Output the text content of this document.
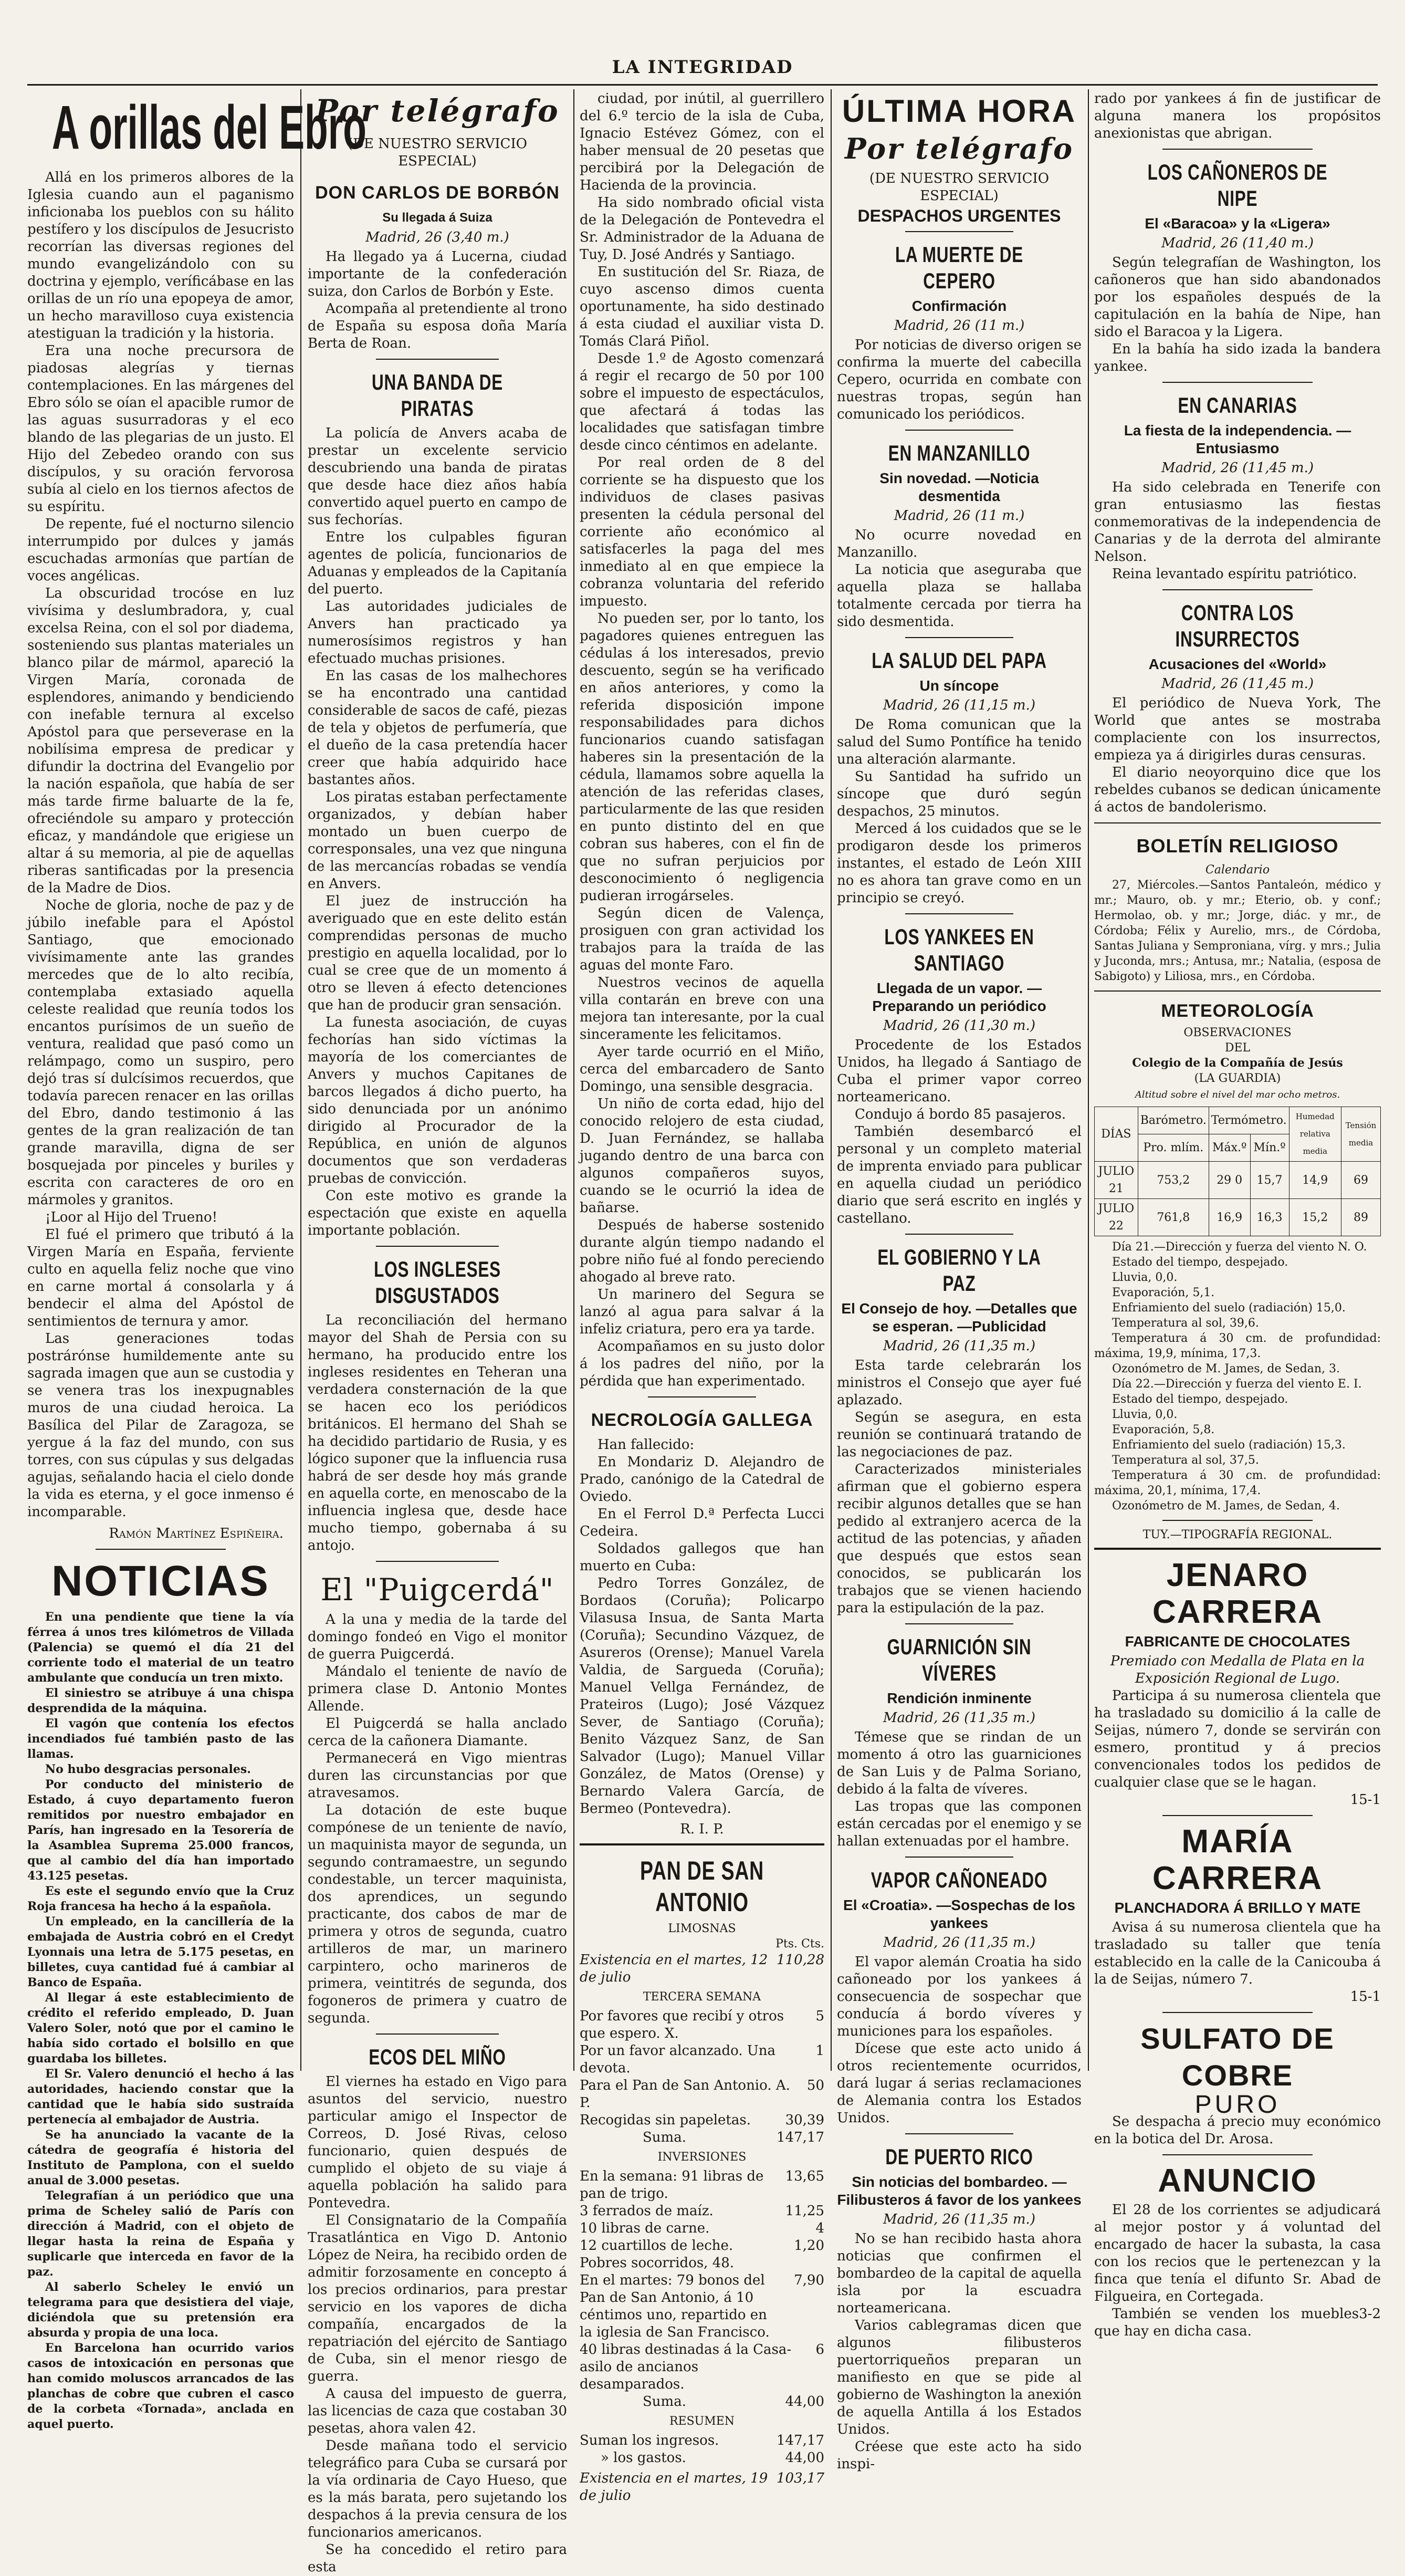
LA INTEGRIDAD
A orillas del Ebro

Allá en los primeros albores de la Iglesia cuando aun el paganismo inficionaba los pueblos con su hálito pestífero y los discípulos de Jesucristo recorrían las diversas regiones del mundo evangelizándolo con su doctrina y ejemplo, veríficábase en las orillas de un río una epopeya de amor, un hecho maravilloso cuya existencia atestiguan la tradición y la historia.

Era una noche precursora de piadosas alegrías y tiernas contemplaciones. En las márgenes del Ebro sólo se oían el apacible rumor de las aguas susurradoras y el eco blando de las plegarias de un justo. El Hijo del Zebedeo orando con sus discípulos, y su oración fervorosa subía al cielo en los tiernos afectos de su espíritu.

De repente, fué el nocturno silencio interrumpido por dulces y jamás escuchadas armonías que partían de voces angélicas.

La obscuridad trocóse en luz vivísima y deslumbradora, y, cual excelsa Reina, con el sol por diadema, sosteniendo sus plantas materiales un blanco pilar de mármol, apareció la Virgen María, coronada de esplendores, animando y bendiciendo con inefable ternura al excelso Apóstol para que perseverase en la nobilísima empresa de predicar y difundir la doctrina del Evangelio por la nación española, que había de ser más tarde firme baluarte de la fe, ofreciéndole su amparo y protección eficaz, y mandándole que erigiese un altar á su memoria, al pie de aquellas riberas santificadas por la presencia de la Madre de Dios.

Noche de gloria, noche de paz y de júbilo inefable para el Apóstol Santiago, que emocionado vivísimamente ante las grandes mercedes que de lo alto recibía, contemplaba extasiado aquella celeste realidad que reunía todos los encantos purísimos de un sueño de ventura, realidad que pasó como un relámpago, como un suspiro, pero dejó tras sí dulcísimos recuerdos, que todavía parecen renacer en las orillas del Ebro, dando testimonio á las gentes de la gran realización de tan grande maravilla, digna de ser bosquejada por pinceles y buriles y escrita con caracteres de oro en mármoles y granitos.

¡Loor al Hijo del Trueno!

El fué el primero que tributó á la Virgen María en España, ferviente culto en aquella feliz noche que vino en carne mortal á consolarla y á bendecir el alma del Apóstol de sentimientos de ternura y amor.

Las generaciones todas postrárónse humildemente ante su sagrada imagen que aun se custodia y se venera tras los inexpugnables muros de una ciudad heroica. La Basílica del Pilar de Zaragoza, se yergue á la faz del mundo, con sus torres, con sus cúpulas y sus delgadas agujas, señalando hacia el cielo donde la vida es eterna, y el goce inmenso é incomparable.

Ramón Martínez Espiñeira.
NOTICIAS

En una pendiente que tiene la vía férrea á unos tres kilómetros de Villada (Palencia) se quemó el día 21 del corriente todo el material de un teatro ambulante que conducía un tren mixto.

El siniestro se atribuye á una chispa desprendida de la máquina.

El vagón que contenía los efectos incendiados fué también pasto de las llamas.

No hubo desgracias personales.

Por conducto del ministerio de Estado, á cuyo departamento fueron remitidos por nuestro embajador en París, han ingresado en la Tesorería de la Asamblea Suprema 25.000 francos, que al cambio del día han importado 43.125 pesetas.

Es este el segundo envío que la Cruz Roja francesa ha hecho á la española.

Un empleado, en la cancillería de la embajada de Austria cobró en el Credyt Lyonnais una letra de 5.175 pesetas, en billetes, cuya cantidad fué á cambiar al Banco de España.

Al llegar á este establecimiento de crédito el referido empleado, D. Juan Valero Soler, notó que por el camino le había sido cortado el bolsillo en que guardaba los billetes.

El Sr. Valero denunció el hecho á las autoridades, haciendo constar que la cantidad que le había sido sustraída pertenecía al embajador de Austria.

Se ha anunciado la vacante de la cátedra de geografía é historia del Instituto de Pamplona, con el sueldo anual de 3.000 pesetas.

Telegrafían á un periódico que una prima de Scheley salió de París con dirección á Madrid, con el objeto de llegar hasta la reina de España y suplicarle que interceda en favor de la paz.

Al saberlo Scheley le envió un telegrama para que desistiera del viaje, diciéndola que su pretensión era absurda y propia de una loca.

En Barcelona han ocurrido varios casos de intoxicación en personas que han comido moluscos arrancados de las planchas de cobre que cubren el casco de la corbeta «Tornada», anclada en aquel puerto.

Por telégrafo
(DE NUESTRO SERVICIO ESPECIAL)
DON CARLOS DE BORBÓN
Su llegada á Suiza
Madrid, 26 (3,40 m.)

Ha llegado ya á Lucerna, ciudad importante de la confederación suiza, don Carlos de Borbón y Este.

Acompaña al pretendiente al trono de España su esposa doña María Berta de Roan.

UNA BANDA DE PIRATAS

La policía de Anvers acaba de prestar un excelente servicio descubriendo una banda de piratas que desde hace diez años había convertido aquel puerto en campo de sus fechorías.

Entre los culpables figuran agentes de policía, funcionarios de Aduanas y empleados de la Capitanía del puerto.

Las autoridades judiciales de Anvers han practicado ya numerosísimos registros y han efectuado muchas prisiones.

En las casas de los malhechores se ha encontrado una cantidad considerable de sacos de café, piezas de tela y objetos de perfumería, que el dueño de la casa pretendía hacer creer que había adquirido hace bastantes años.

Los piratas estaban perfectamente organizados, y debían haber montado un buen cuerpo de corresponsales, una vez que ninguna de las mercancías robadas se vendía en Anvers.

El juez de instrucción ha averiguado que en este delito están comprendidas personas de mucho prestigio en aquella localidad, por lo cual se cree que de un momento á otro se lleven á efecto detenciones que han de producir gran sensación.

La funesta asociación, de cuyas fechorías han sido víctimas la mayoría de los comerciantes de Anvers y muchos Capitanes de barcos llegados á dicho puerto, ha sido denunciada por un anónimo dirigido al Procurador de la República, en unión de algunos documentos que son verdaderas pruebas de convicción.

Con este motivo es grande la espectación que existe en aquella importante población.

LOS INGLESES DISGUSTADOS

La reconciliación del hermano mayor del Shah de Persia con su hermano, ha producido entre los ingleses residentes en Teheran una verdadera consternación de la que se hacen eco los periódicos británicos. El hermano del Shah se ha decidido partidario de Rusia, y es lógico suponer que la influencia rusa habrá de ser desde hoy más grande en aquella corte, en menoscabo de la influencia inglesa que, desde hace mucho tiempo, gobernaba á su antojo.

El "Puigcerdá"

A la una y media de la tarde del domingo fondeó en Vigo el monitor de guerra Puigcerdá.

Mándalo el teniente de navío de primera clase D. Antonio Montes Allende.

El Puigcerdá se halla anclado cerca de la cañonera Diamante.

Permanecerá en Vigo mientras duren las circunstancias por que atravesamos.

La dotación de este buque compónese de un teniente de navío, un maquinista mayor de segunda, un segundo contramaestre, un segundo condestable, un tercer maquinista, dos aprendices, un segundo practicante, dos cabos de mar de primera y otros de segunda, cuatro artilleros de mar, un marinero carpintero, ocho marineros de primera, veintitrés de segunda, dos fogoneros de primera y cuatro de segunda.

ECOS DEL MIÑO

El viernes ha estado en Vigo para asuntos del servicio, nuestro particular amigo el Inspector de Correos, D. José Rivas, celoso funcionario, quien después de cumplido el objeto de su viaje á aquella población ha salido para Pontevedra.

El Consignatario de la Compañía Trasatlántica en Vigo D. Antonio López de Neira, ha recibido orden de admitir forzosamente en concepto á los precios ordinarios, para prestar servicio en los vapores de dicha compañía, encargados de la repatriación del ejército de Santiago de Cuba, sin el menor riesgo de guerra.

A causa del impuesto de guerra, las licencias de caza que costaban 30 pesetas, ahora valen 42.

Desde mañana todo el servicio telegráfico para Cuba se cursará por la vía ordinaria de Cayo Hueso, que es la más barata, pero sujetando los despachos á la previa censura de los funcionarios americanos.

Se ha concedido el retiro para esta

ciudad, por inútil, al guerrillero del 6.º tercio de la isla de Cuba, Ignacio Estévez Gómez, con el haber mensual de 20 pesetas que percibirá por la Delegación de Hacienda de la provincia.

Ha sido nombrado oficial vista de la Delegación de Pontevedra el Sr. Administrador de la Aduana de Tuy, D. José Andrés y Santiago.

En sustitución del Sr. Riaza, de cuyo ascenso dimos cuenta oportunamente, ha sido destinado á esta ciudad el auxiliar vista D. Tomás Clará Piñol.

Desde 1.º de Agosto comenzará á regir el recargo de 50 por 100 sobre el impuesto de espectáculos, que afectará á todas las localidades que satisfagan timbre desde cinco céntimos en adelante.

Por real orden de 8 del corriente se ha dispuesto que los individuos de clases pasivas presenten la cédula personal del corriente año económico al satisfacerles la paga del mes inmediato al en que empiece la cobranza voluntaria del referido impuesto.

No pueden ser, por lo tanto, los pagadores quienes entreguen las cédulas á los interesados, previo descuento, según se ha verificado en años anteriores, y como la referida disposición impone responsabilidades para dichos funcionarios cuando satisfagan haberes sin la presentación de la cédula, llamamos sobre aquella la atención de las referidas clases, particularmente de las que residen en punto distinto del en que cobran sus haberes, con el fin de que no sufran perjuicios por desconocimiento ó negligencia pudieran irrogárseles.

Según dicen de Valença, prosiguen con gran actividad los trabajos para la traída de las aguas del monte Faro.

Nuestros vecinos de aquella villa contarán en breve con una mejora tan interesante, por la cual sinceramente les felicitamos.

Ayer tarde ocurrió en el Miño, cerca del embarcadero de Santo Domingo, una sensible desgracia.

Un niño de corta edad, hijo del conocido relojero de esta ciudad, D. Juan Fernández, se hallaba jugando dentro de una barca con algunos compañeros suyos, cuando se le ocurrió la idea de bañarse.

Después de haberse sostenido durante algún tiempo nadando el pobre niño fué al fondo pereciendo ahogado al breve rato.

Un marinero del Segura se lanzó al agua para salvar á la infeliz criatura, pero era ya tarde.

Acompañamos en su justo dolor á los padres del niño, por la pérdida que han experimentado.

NECROLOGÍA GALLEGA

Han fallecido:

En Mondariz D. Alejandro de Prado, canónigo de la Catedral de Oviedo.

En el Ferrol D.ª Perfecta Lucci Cedeira.

Soldados gallegos que han muerto en Cuba:

Pedro Torres González, de Bordaos (Coruña); Policarpo Vilasusa Insua, de Santa Marta (Coruña); Secundino Vázquez, de Asureros (Orense); Manuel Varela Valdia, de Sargueda (Coruña); Manuel Vellga Fernández, de Prateiros (Lugo); José Vázquez Sever, de Santiago (Coruña); Benito Vázquez Sanz, de San Salvador (Lugo); Manuel Villar González, de Matos (Orense) y Bernardo Valera García, de Bermeo (Pontevedra).

R. I. P.
PAN DE SAN ANTONIO
LIMOSNAS
Pts. Cts.
Existencia en el martes, 12 de julio
110,28
TERCERA SEMANA
Por favores que recibí y otros que espero. X.
5
Por un favor alcanzado. Una devota.
1
Para el Pan de San Antonio. A. P.
50
Recogidas sin papeletas.	30,39
Suma.	147,17
INVERSIONES
En la semana: 91 libras de pan de trigo.
13,65
3 ferrados de maíz.	11,25
10 libras de carne.	4
12 cuartillos de leche.	1,20
Pobres socorridos, 48.
En el martes: 79 bonos del Pan de San Antonio, á 10 céntimos uno, repartido en la iglesia de San Francisco.
7,90
40 libras destinadas á la Casa-asilo de ancianos desamparados.
6
Suma.	44,00
RESUMEN
Suman los ingresos.	147,17
» los gastos.	44,00
Existencia en el martes, 19 de julio
103,17
ÚLTIMA HORA
Por telégrafo
(DE NUESTRO SERVICIO ESPECIAL)
DESPACHOS URGENTES
LA MUERTE DE CEPERO
Confirmación
Madrid, 26 (11 m.)

Por noticias de diverso origen se confirma la muerte del cabecilla Cepero, ocurrida en combate con nuestras tropas, según han comunicado los periódicos.

EN MANZANILLO
Sin novedad. —Noticia desmentida
Madrid, 26 (11 m.)

No ocurre novedad en Manzanillo.

La noticia que aseguraba que aquella plaza se hallaba totalmente cercada por tierra ha sido desmentida.

LA SALUD DEL PAPA
Un síncope
Madrid, 26 (11,15 m.)

De Roma comunican que la salud del Sumo Pontífice ha tenido una alteración alarmante.

Su Santidad ha sufrido un síncope que duró según despachos, 25 minutos.

Merced á los cuidados que se le prodigaron desde los primeros instantes, el estado de León XIII no es ahora tan grave como en un principio se creyó.

LOS YANKEES EN SANTIAGO
Llegada de un vapor. —Preparando un periódico
Madrid, 26 (11,30 m.)

Procedente de los Estados Unidos, ha llegado á Santiago de Cuba el primer vapor correo norteamericano.

Condujo á bordo 85 pasajeros.

También desembarcó el personal y un completo material de imprenta enviado para publicar en aquella ciudad un periódico diario que será escrito en inglés y castellano.

EL GOBIERNO Y LA PAZ
El Consejo de hoy. —Detalles que se esperan. —Publicidad
Madrid, 26 (11,35 m.)

Esta tarde celebrarán los ministros el Consejo que ayer fué aplazado.

Según se asegura, en esta reunión se continuará tratando de las negociaciones de paz.

Caracterizados ministeriales afirman que el gobierno espera recibir algunos detalles que se han pedido al extranjero acerca de la actitud de las potencias, y añaden que después que estos sean conocidos, se publicarán los trabajos que se vienen haciendo para la estipulación de la paz.

GUARNICIÓN SIN VÍVERES
Rendición inminente
Madrid, 26 (11,35 m.)

Témese que se rindan de un momento á otro las guarniciones de San Luis y de Palma Soriano, debido á la falta de víveres.

Las tropas que las componen están cercadas por el enemigo y se hallan extenuadas por el hambre.

VAPOR CAÑONEADO
El «Croatia». —Sospechas de los yankees
Madrid, 26 (11,35 m.)

El vapor alemán Croatia ha sido cañoneado por los yankees á consecuencia de sospechar que conducía á bordo víveres y municiones para los españoles.

Dícese que este acto unido á otros recientemente ocurridos, dará lugar á serias reclamaciones de Alemania contra los Estados Unidos.

DE PUERTO RICO
Sin noticias del bombardeo. —Filibusteros á favor de los yankees
Madrid, 26 (11,35 m.)

No se han recibido hasta ahora noticias que confirmen el bombardeo de la capital de aquella isla por la escuadra norteamericana.

Varios cablegramas dicen que algunos filibusteros puertorriqueños preparan un manifiesto en que se pide al gobierno de Washington la anexión de aquella Antilla á los Estados Unidos.

Créese que este acto ha sido inspi-

rado por yankees á fin de justificar de alguna manera los propósitos anexionistas que abrigan.

LOS CAÑONEROS DE NIPE
El «Baracoa» y la «Ligera»
Madrid, 26 (11,40 m.)

Según telegrafían de Washington, los cañoneros que han sido abandonados por los españoles después de la capitulación en la bahía de Nipe, han sido el Baracoa y la Ligera.

En la bahía ha sido izada la bandera yankee.

EN CANARIAS
La fiesta de la independencia. —Entusiasmo
Madrid, 26 (11,45 m.)

Ha sido celebrada en Tenerife con gran entusiasmo las fiestas conmemorativas de la independencia de Canarias y de la derrota del almirante Nelson.

Reina levantado espíritu patriótico.

CONTRA LOS INSURRECTOS
Acusaciones del «World»
Madrid, 26 (11,45 m.)

El periódico de Nueva York, The World que antes se mostraba complaciente con los insurrectos, empieza ya á dirigirles duras censuras.

El diario neoyorquino dice que los rebeldes cubanos se dedican únicamente á actos de bandolerismo.

BOLETÍN RELIGIOSO
Calendario

27, Miércoles.—Santos Pantaleón, médico y mr.; Mauro, ob. y mr.; Eterio, ob. y conf.; Hermolao, ob. y mr.; Jorge, diác. y mr., de Córdoba; Félix y Aurelio, mrs., de Córdoba, Santas Juliana y Semproniana, vírg. y mrs.; Julia y Juconda, mrs.; Antusa, mr.; Natalia, (esposa de Sabigoto) y Liliosa, mrs., en Córdoba.

METEOROLOGÍA
OBSERVACIONES
DEL
Colegio de la Compañía de Jesús
(LA GUARDIA)
Altitud sobre el nivel del mar ocho metros.
DÍAS	Barómetro.	Termómetro.		Humedad relativa media	Tensión media
	Pro. mlím.	Máx.º	Mín.º		
JULIO 21	753,2	29 0	15,7	14,9	69
JULIO 22	761,8	16,9	16,3	15,2	89

Día 21.—Dirección y fuerza del viento N. O.

Estado del tiempo, despejado.

Lluvia, 0,0.

Evaporación, 5,1.

Enfriamiento del suelo (radiación) 15,0.

Temperatura al sol, 39,6.

Temperatura á 30 cm. de profundidad: máxima, 19,9, mínima, 17,3.

Ozonómetro de M. James, de Sedan, 3.

Día 22.—Dirección y fuerza del viento E. I.

Estado del tiempo, despejado.

Lluvia, 0,0.

Evaporación, 5,8.

Enfriamiento del suelo (radiación) 15,3.

Temperatura al sol, 37,5.

Temperatura á 30 cm. de profundidad: máxima, 20,1, mínima, 17,4.

Ozonómetro de M. James, de Sedan, 4.

TUY.—TIPOGRAFÍA REGIONAL.
JENARO CARRERA
FABRICANTE DE CHOCOLATES
Premiado con Medalla de Plata en la Exposición Regional de Lugo.

Participa á su numerosa clientela que ha trasladado su domicilio á la calle de Seijas, número 7, donde se servirán con esmero, prontitud y á precios convencionales todos los pedidos de cualquier clase que se le hagan.

15-1
MARÍA CARRERA
PLANCHADORA Á BRILLO Y MATE

Avisa á su numerosa clientela que ha trasladado su taller que tenía establecido en la calle de la Canicouba á la de Seijas, número 7.

15-1
SULFATO DE COBRE
PURO

Se despacha á precio muy económico en la botica del Dr. Arosa.

ANUNCIO

El 28 de los corrientes se adjudicará al mejor postor y á voluntad del encargado de hacer la subasta, la casa con los recios que le pertenezcan y la finca que tenía el difunto Sr. Abad de Filgueira, en Cortegada.

También se venden los muebles que hay en dicha casa.
3-2
